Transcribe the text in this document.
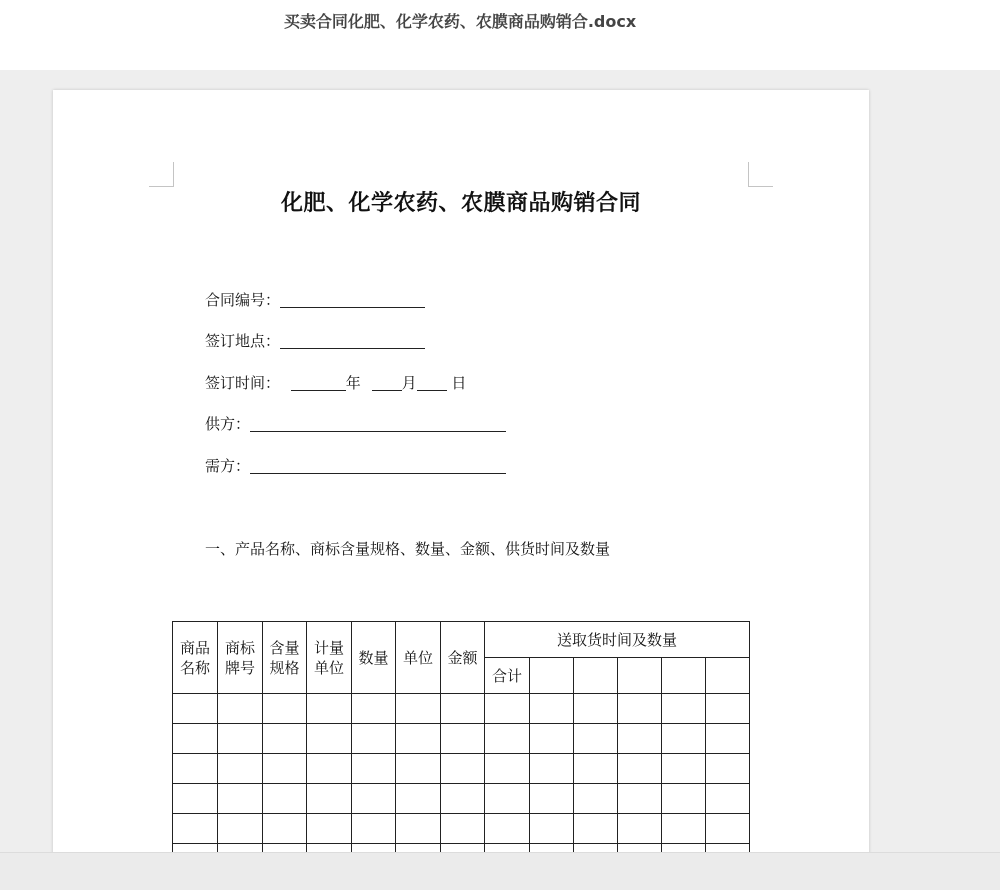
买卖合同化肥、化学农药、农膜商品购销合.docx
化肥、化学农药、农膜商品购销合同
合同编号：
签订地点：
签订时间：	年	月 日
供方：
需方：
一、产品名称、商标含量规格、数量、金额、供货时间及数量
商品名称	商标牌号	含量规格	计量单位	数量	单位	金额	送取货时间及数量					
							合计					
